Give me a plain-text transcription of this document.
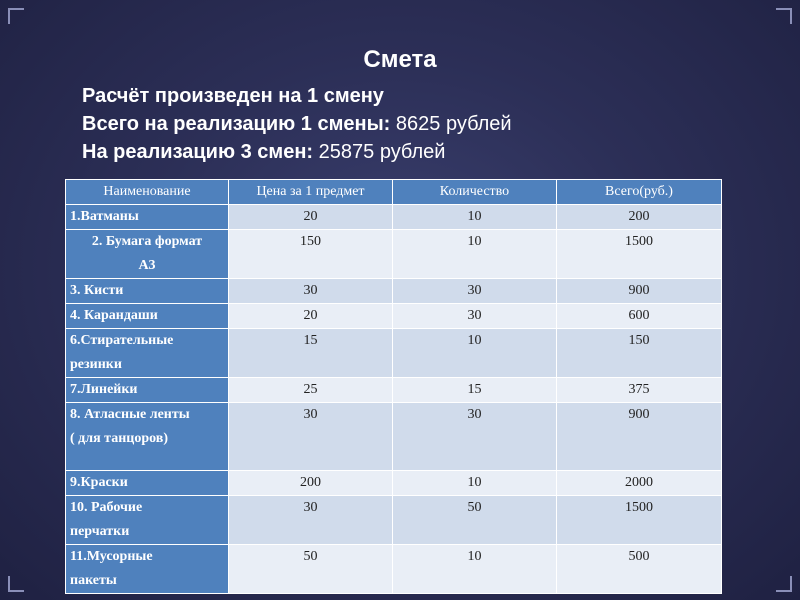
Смета
Расчёт произведен на 1 смену
Всего на реализацию 1 смены: 8625 рублей
На реализацию 3 смен: 25875 рублей
Наименование	Цена за 1 предмет	Количество	Всего(руб.)
1.Ватманы	20	10	200

2. Бумага формат
А3	150	10	1500
3. Кисти	30	30	900
4. Карандаши	20	30	600

6.Стирательные
резинки	15	10	150
7.Линейки	25	15	375

8. Атласные ленты
( для танцоров)	30	30	900
9.Краски	200	10	2000

10. Рабочие
перчатки	30	50	1500

11.Мусорные
пакеты	50	10	500
